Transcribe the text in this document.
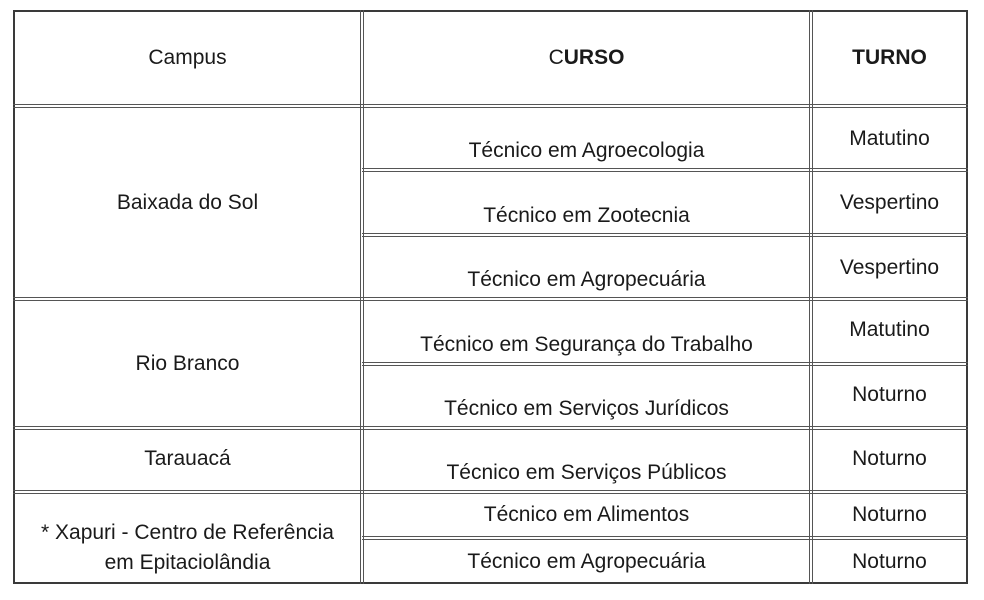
Campus	CURSO	TURNO
Baixada do Sol
Rio Branco
Tarauacá
* Xapuri - Centro de Referência
em Epitaciolândia
Técnico em Agroecologia
Técnico em Zootecnia
Técnico em Agropecuária
Técnico em Segurança do Trabalho
Técnico em Serviços Jurídicos
Técnico em Serviços Públicos
Técnico em Alimentos
Técnico em Agropecuária
Matutino
Vespertino
Vespertino
Matutino
Noturno
Noturno
Noturno
Noturno
